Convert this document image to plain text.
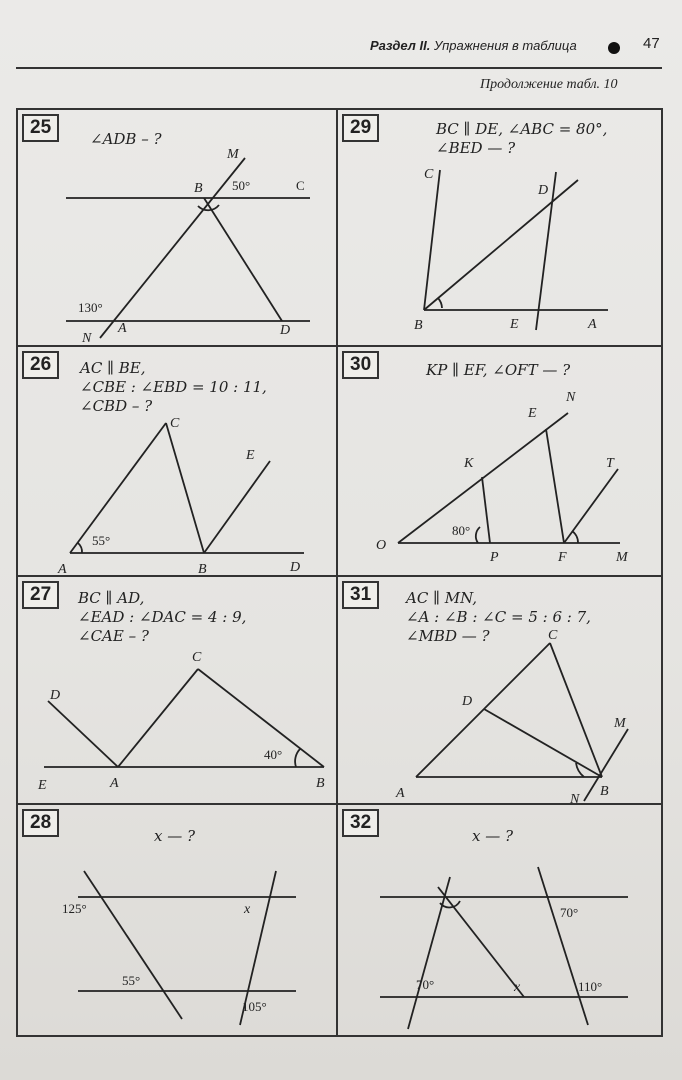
Раздел II. Упражнения в таблица	47
Продолжение табл. 10
25
∠ADB – ?
M
B	C
50°
130°
N
A	D
29	BC ∥ DE, ∠ABC = 80°,
∠BED — ?
C
D
B	E	A
26	AC ∥ BE,
∠CBE : ∠EBD = 10 : 11,
∠CBD – ?
C
E
55°
A	B	D
30	KP ∥ EF, ∠OFT — ?
N
E
K	T
80°
O
P	F	M
27	BC ∥ AD,
∠EAD : ∠DAC = 4 : 9,
∠CAE – ?
C
D
40°
E	A	B
31	AC ∥ MN,
∠A : ∠B : ∠C = 5 : 6 : 7,
∠MBD — ?	C
D
M
A	N
B
28
x — ?
125°	x
55°
105°
32
x — ?
70°
70°	x	110°
